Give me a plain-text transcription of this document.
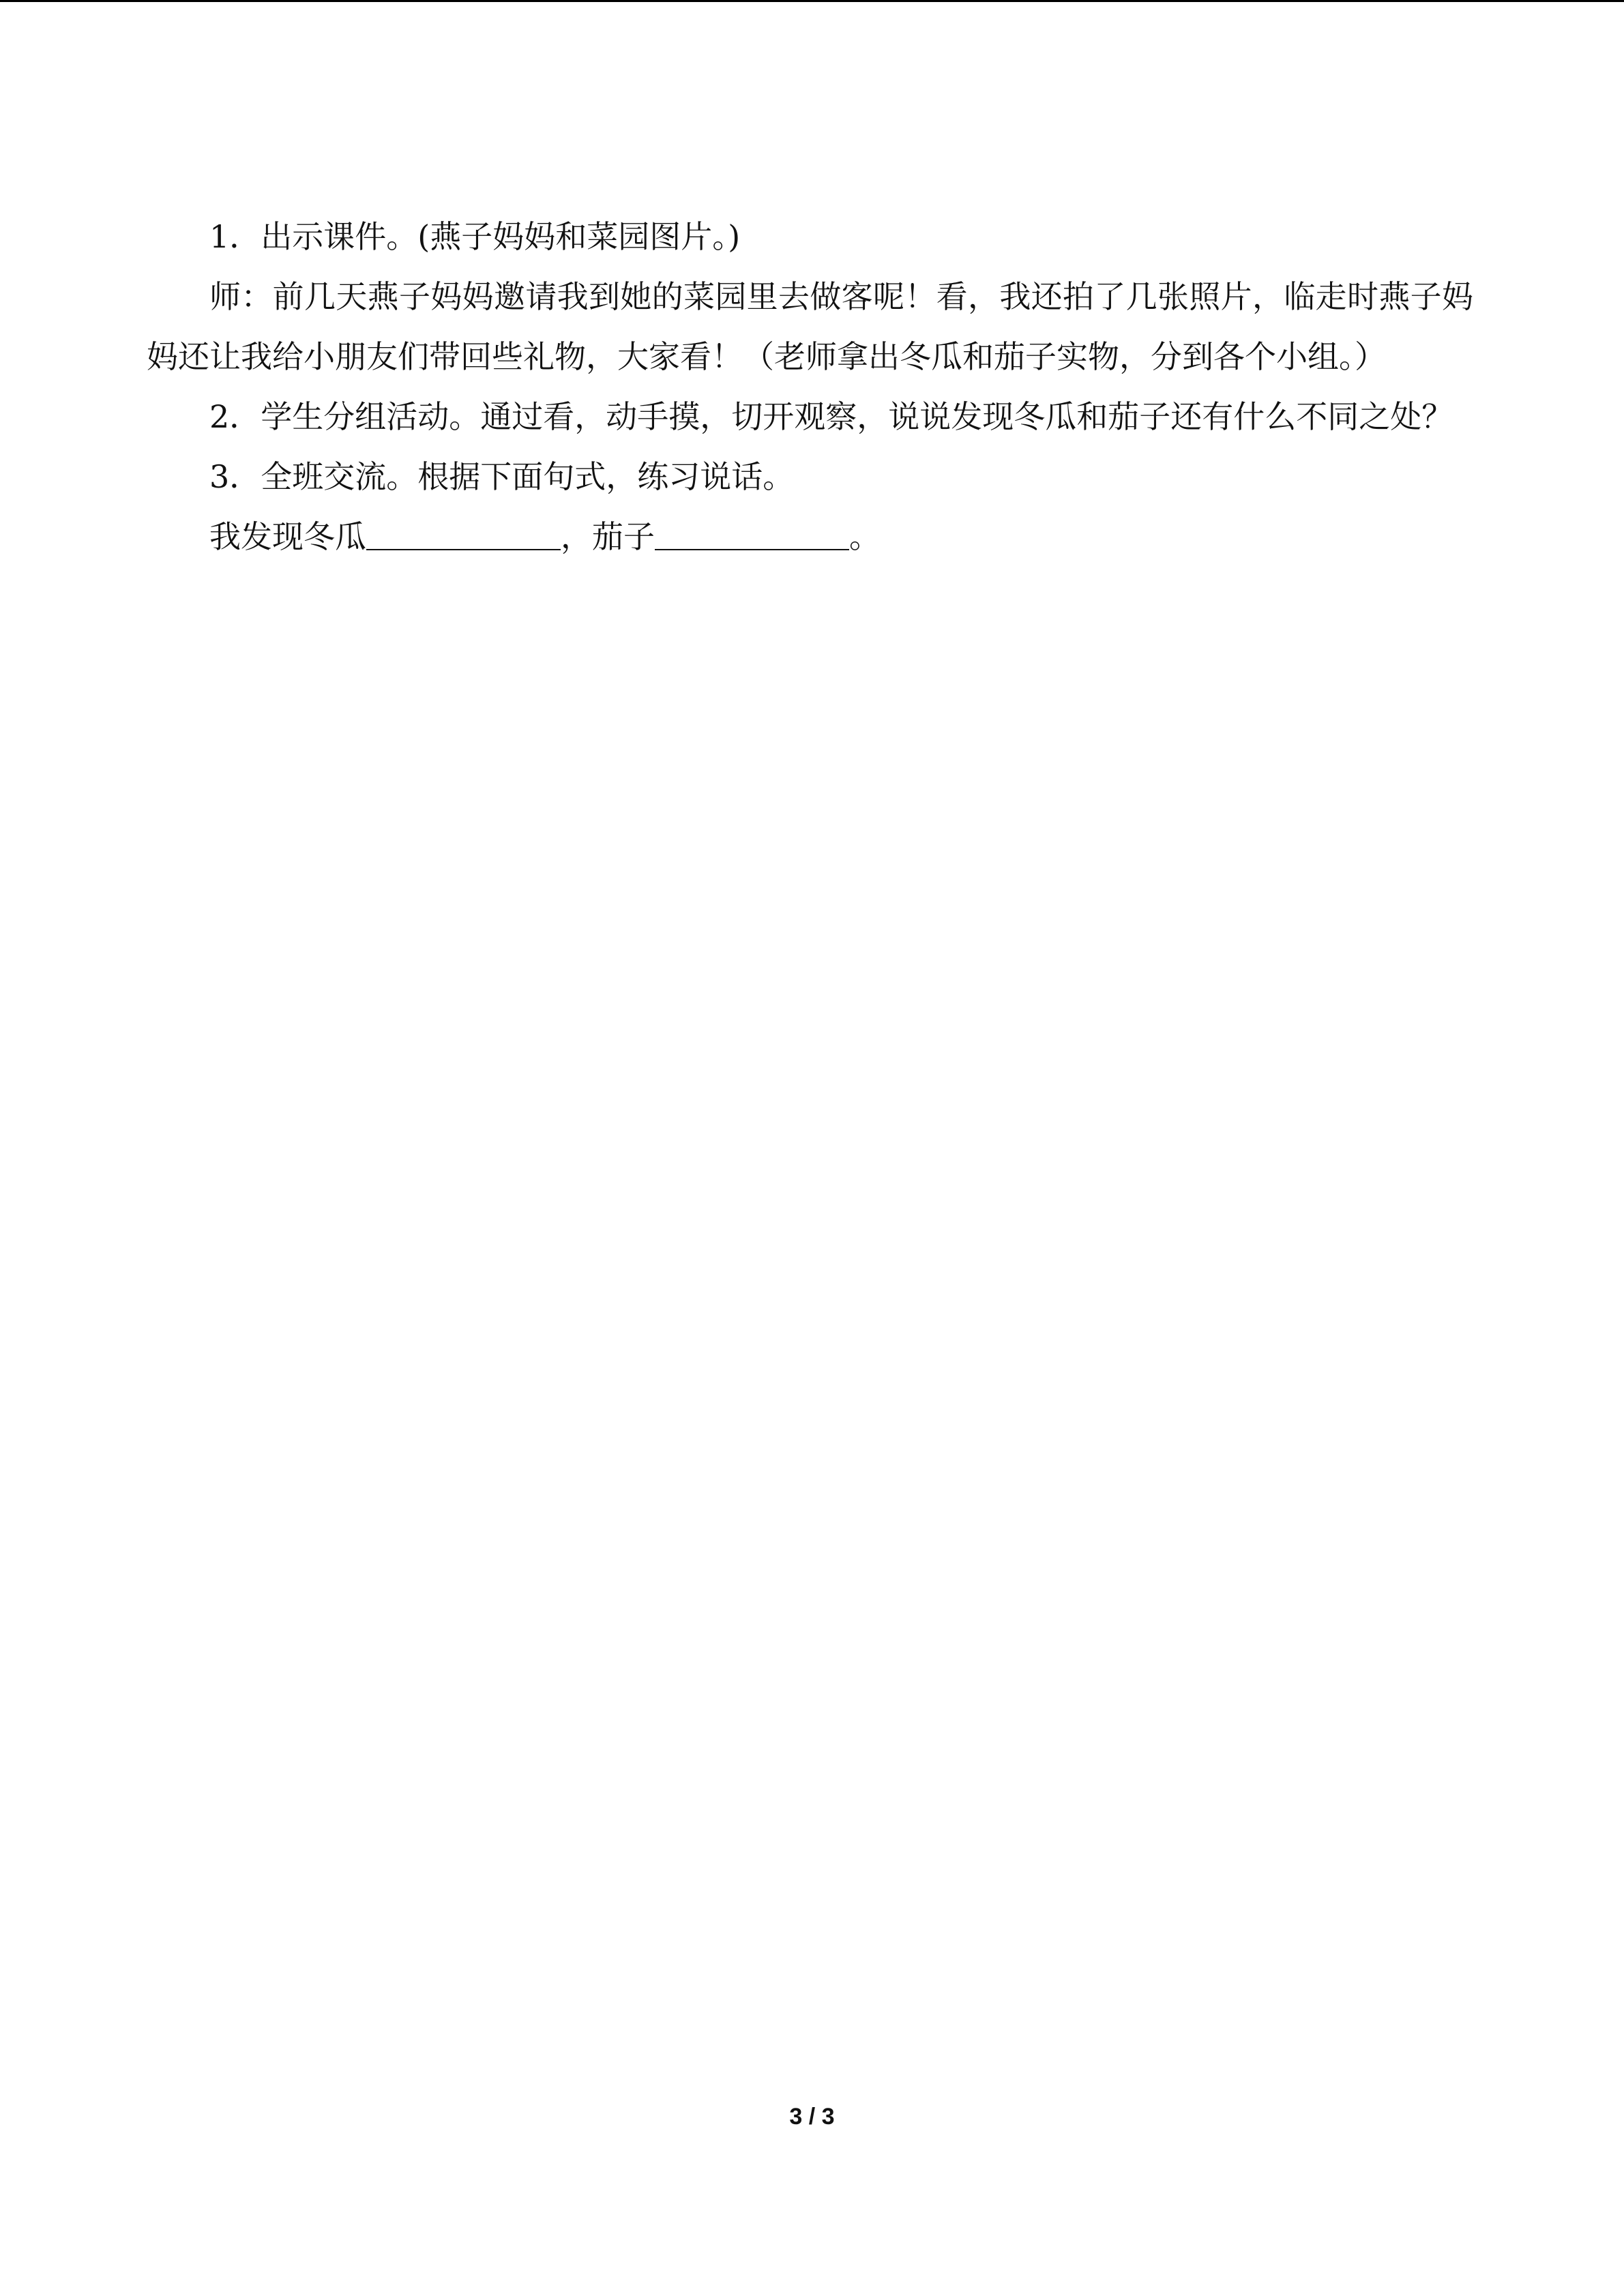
1．出示课件。(燕子妈妈和菜园图片。)

师：前几天燕子妈妈邀请我到她的菜园里去做客呢！看，我还拍了几张照片，临走时燕子妈妈还让我给小朋友们带回些礼物，大家看！（老师拿出冬瓜和茄子实物，分到各个小组。）

2．学生分组活动。通过看，动手摸，切开观察，说说发现冬瓜和茄子还有什么不同之处？

3．全班交流。根据下面句式，练习说话。

我发现冬瓜	，茄子	。

3 / 3
